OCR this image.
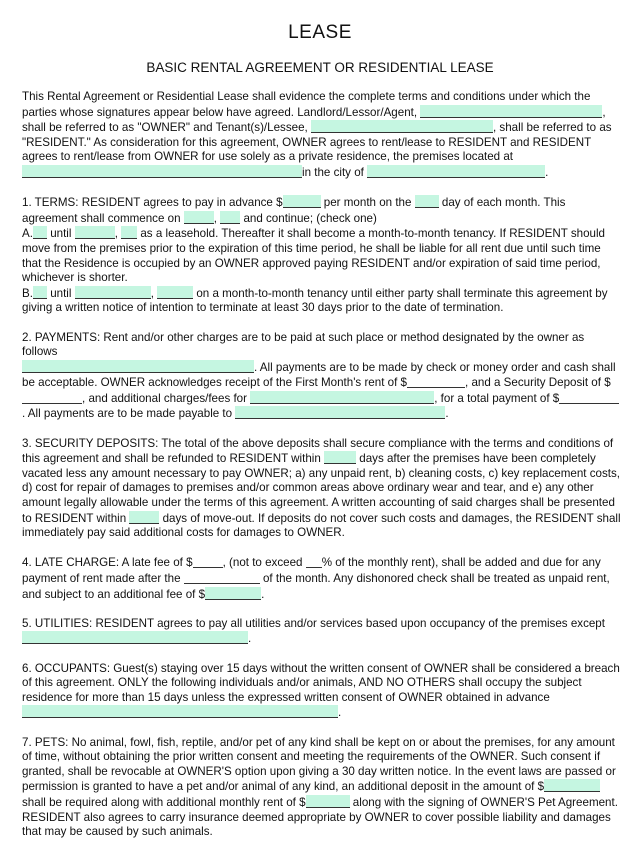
LEASE
BASIC RENTAL AGREEMENT OR RESIDENTIAL LEASE

This Rental Agreement or Residential Lease shall evidence the complete terms and conditions under which the parties whose signatures appear below have agreed. Landlord/Lessor/Agent,	, shall be referred to as "OWNER" and Tenant(s)/Lessee,	, shall be referred to as "RESIDENT." As consideration for this agreement, OWNER agrees to rent/lease to RESIDENT and RESIDENT agrees to rent/lease from OWNER for use solely as a private residence, the premises located at
in the city of	.

1. TERMS: RESIDENT agrees to pay in advance $	per month on the  day of each month. This agreement shall commence on	,  and continue; (check one)
A. until	,  as a leasehold. Thereafter it shall become a month-to-month tenancy. If RESIDENT should move from the premises prior to the expiration of this time period, he shall be liable for all rent due until such time that the Residence is occupied by an OWNER approved paying RESIDENT and/or expiration of said time period, whichever is shorter.
B. until	,	on a month-to-month tenancy until either party shall terminate this agreement by giving a written notice of intention to terminate at least 30 days prior to the date of termination.

2. PAYMENTS: Rent and/or other charges are to be paid at such place or method designated by the owner as follows
. All payments are to be made by check or money order and cash shall be acceptable. OWNER acknowledges receipt of the First Month's rent of $	, and a Security Deposit of $
, and additional charges/fees for	, for a total payment of $. All payments are to be made payable to	.

3. SECURITY DEPOSITS: The total of the above deposits shall secure compliance with the terms and conditions of this agreement and shall be refunded to RESIDENT within	days after the premises have been completely vacated less any amount necessary to pay OWNER; a) any unpaid rent, b) cleaning costs, c) key replacement costs, d) cost for repair of damages to premises and/or common areas above ordinary wear and tear, and e) any other amount legally allowable under the terms of this agreement. A written accounting of said charges shall be presented to RESIDENT within	days of move-out. If deposits do not cover such costs and damages, the RESIDENT shall immediately pay said additional costs for damages to OWNER.

4. LATE CHARGE: A late fee of $	, (not to exceed % of the monthly rent), shall be added and due for any payment of rent made after the	of the month. Any dishonored check shall be treated as unpaid rent, and subject to an additional fee of $	.

5. UTILITIES: RESIDENT agrees to pay all utilities and/or services based upon occupancy of the premises except
.

6. OCCUPANTS: Guest(s) staying over 15 days without the written consent of OWNER shall be considered a breach of this agreement. ONLY the following individuals and/or animals, AND NO OTHERS shall occupy the subject residence for more than 15 days unless the expressed written consent of OWNER obtained in advance
.

7. PETS: No animal, fowl, fish, reptile, and/or pet of any kind shall be kept on or about the premises, for any amount of time, without obtaining the prior written consent and meeting the requirements of the OWNER. Such consent if granted, shall be revocable at OWNER'S option upon giving a 30 day written notice. In the event laws are passed or permission is granted to have a pet and/or animal of any kind, an additional deposit in the amount of $ shall be required along with additional monthly rent of $	along with the signing of OWNER'S Pet Agreement. RESIDENT also agrees to carry insurance deemed appropriate by OWNER to cover possible liability and damages that may be caused by such animals.
